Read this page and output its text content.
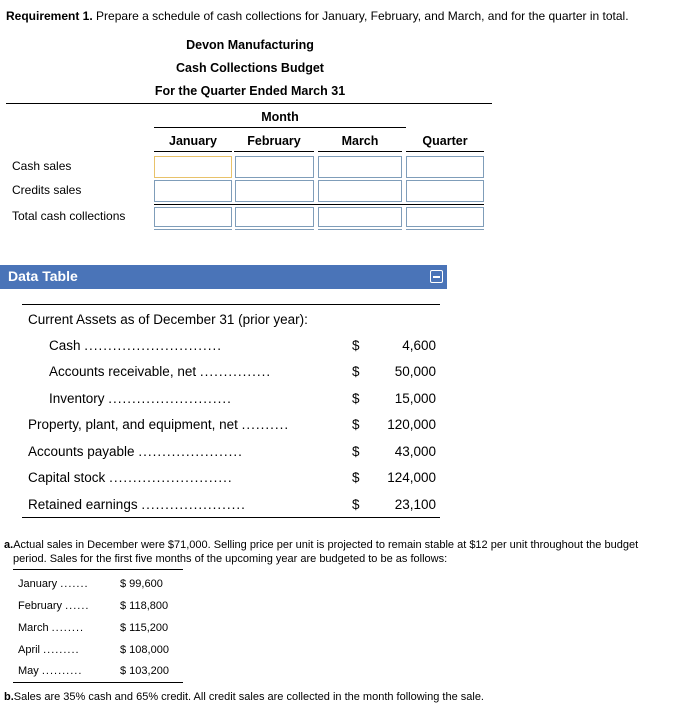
Requirement 1. Prepare a schedule of cash collections for January, February, and March, and for the quarter in total.
Devon Manufacturing
Cash Collections Budget
For the Quarter Ended March 31
Month
January	February	March	Quarter
Cash sales
Credits sales
Total cash collections
Data Table
Current Assets as of December 31 (prior year):
Cash .............................	$	4,600
Accounts receivable, net ...............	$	50,000
Inventory ..........................	$	15,000
Property, plant, and equipment, net ..........	$	120,000
Accounts payable ......................	$	43,000
Capital stock ..........................	$	124,000
Retained earnings ......................	$	23,100
a.Actual sales in December were $71,000. Selling price per unit is projected to remain stable at $12 per unit throughout the budget
period. Sales for the first five months of the upcoming year are budgeted to be as follows:
January .......	$ 99,600
February ......	$ 118,800
March ........	$ 115,200
April .........	$ 108,000
May ..........	$ 103,200
b.Sales are 35% cash and 65% credit. All credit sales are collected in the month following the sale.
